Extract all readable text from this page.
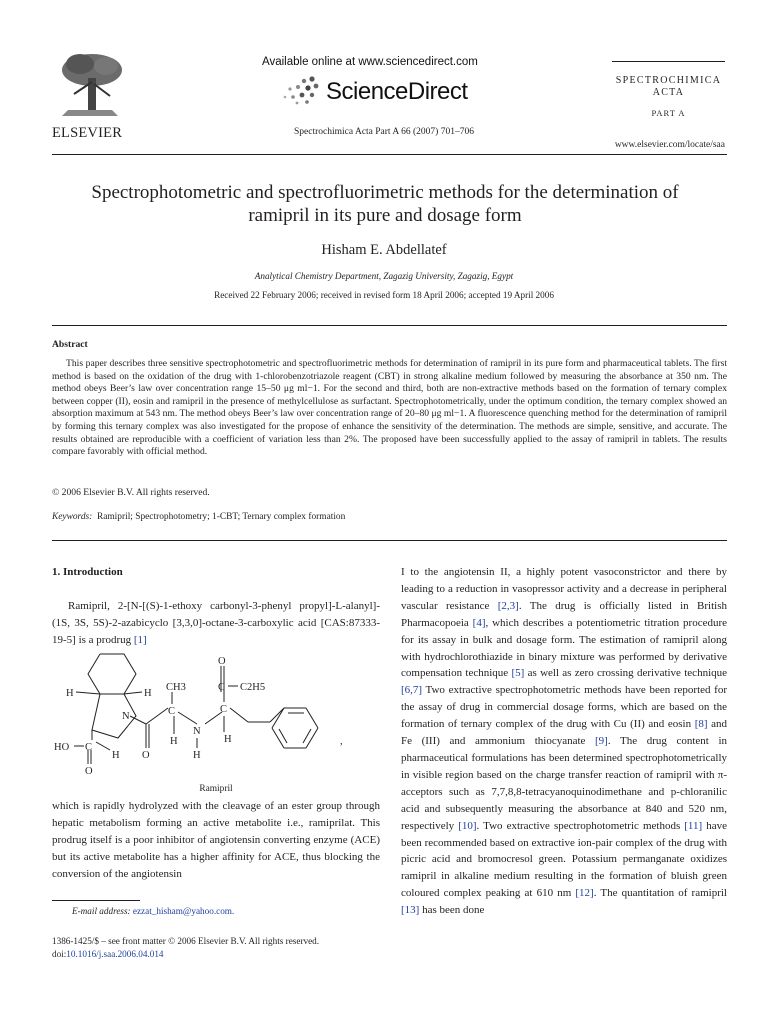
ELSEVIER
Available online at www.sciencedirect.com
ScienceDirect
Spectrochimica Acta Part A 66 (2007) 701–706
SPECTROCHIMICA ACTA
PART A
www.elsevier.com/locate/saa
Spectrophotometric and spectrofluorimetric methods for the determination of ramipril in its pure and dosage form
Hisham E. Abdellatef
Analytical Chemistry Department, Zagazig University, Zagazig, Egypt
Received 22 February 2006; received in revised form 18 April 2006; accepted 19 April 2006
Abstract

This paper describes three sensitive spectrophotometric and spectrofluorimetric methods for determination of ramipril in its pure form and pharmaceutical tablets. The first method is based on the oxidation of the drug with 1-chlorobenzotriazole reagent (CBT) in strong alkaline medium followed by measuring the absorbance at 350 nm. The method obeys Beer’s law over concentration range 15–50 μg ml−1. For the second and third, both are non-extractive methods based on the formation of ternary complex between copper (II), eosin and ramipril in the presence of methylcellulose as surfactant. Spectrophotometrically, under the optimum condition, the ternary complex showed an absorption maximum at 543 nm. The method obeys Beer’s law over concentration range of 20–80 μg ml−1. A fluorescence quenching method for the determination of ramipril by forming this ternary complex was also investigated for the propose of enhance the sensitivity of the determination. The methods are simple, sensitive, and accurate. The results obtained are reproducible with a coefficient of variation less than 2%. The proposed have been successfully applied to the assay of ramipril in tablets. The results compare favorably with official method.

© 2006 Elsevier B.V. All rights reserved.
Keywords: Ramipril; Spectrophotometry; 1-CBT; Ternary complex formation
1. Introduction

Ramipril, 2-[N-[(S)-1-ethoxy carbonyl-3-phenyl propyl]-L-alanyl]-(1S, 3S, 5S)-2-azabicyclo [3,3,0]-octane-3-carboxylic acid [CAS:87333-19-5] is a prodrug [1]

H	H
N
CH3
C
H
N
H
C
H
O
C C2H5
O
HO C
H
O
,
Ramipril
which is rapidly hydrolyzed with the cleavage of an ester group through hepatic metabolism forming an active metabolite i.e., ramiprilat. This prodrug itself is a poor inhibitor of angiotensin converting enzyme (ACE) but its active metabolite has a higher affinity for ACE, thus blocking the conversion of the angiotensin
E-mail address: ezzat_hisham@yahoo.com.
1386-1425/$ – see front matter © 2006 Elsevier B.V. All rights reserved.
doi:10.1016/j.saa.2006.04.014
I to the angiotensin II, a highly potent vasoconstrictor and there by leading to a reduction in vasopressor activity and a decrease in peripheral vascular resistance [2,3]. The drug is officially listed in British Pharmacopoeia [4], which describes a potentiometric titration procedure for its assay in bulk and dosage form. The estimation of ramipril along with hydrochlorothiazide in binary mixture was performed by derivative compensation technique [5] as well as zero crossing derivative technique [6,7] Two extractive spectrophotometric methods have been reported for the assay of drug in commercial dosage forms, which are based on the formation of ternary complex of the drug with Cu (II) and eosin [8] and Fe (III) and ammonium thiocyanate [9]. The drug content in pharmaceutical formulations has been determined spectrophotometrically in visible region based on the charge transfer reaction of ramipril with π-acceptors such as 7,7,8,8-tetracyanoquinodimethane and p-chloranilic acid and subsequently measuring the absorbance at 840 and 520 nm, respectively [10]. Two extractive spectrophotometric methods [11] have been recommended based on extractive ion-pair complex of the drug with picric acid and bromocresol green. Potassium permanganate oxidizes ramipril in alkaline medium resulting in the formation of bluish green coloured complex peaking at 610 nm [12]. The quantitation of ramipril [13] has been done
